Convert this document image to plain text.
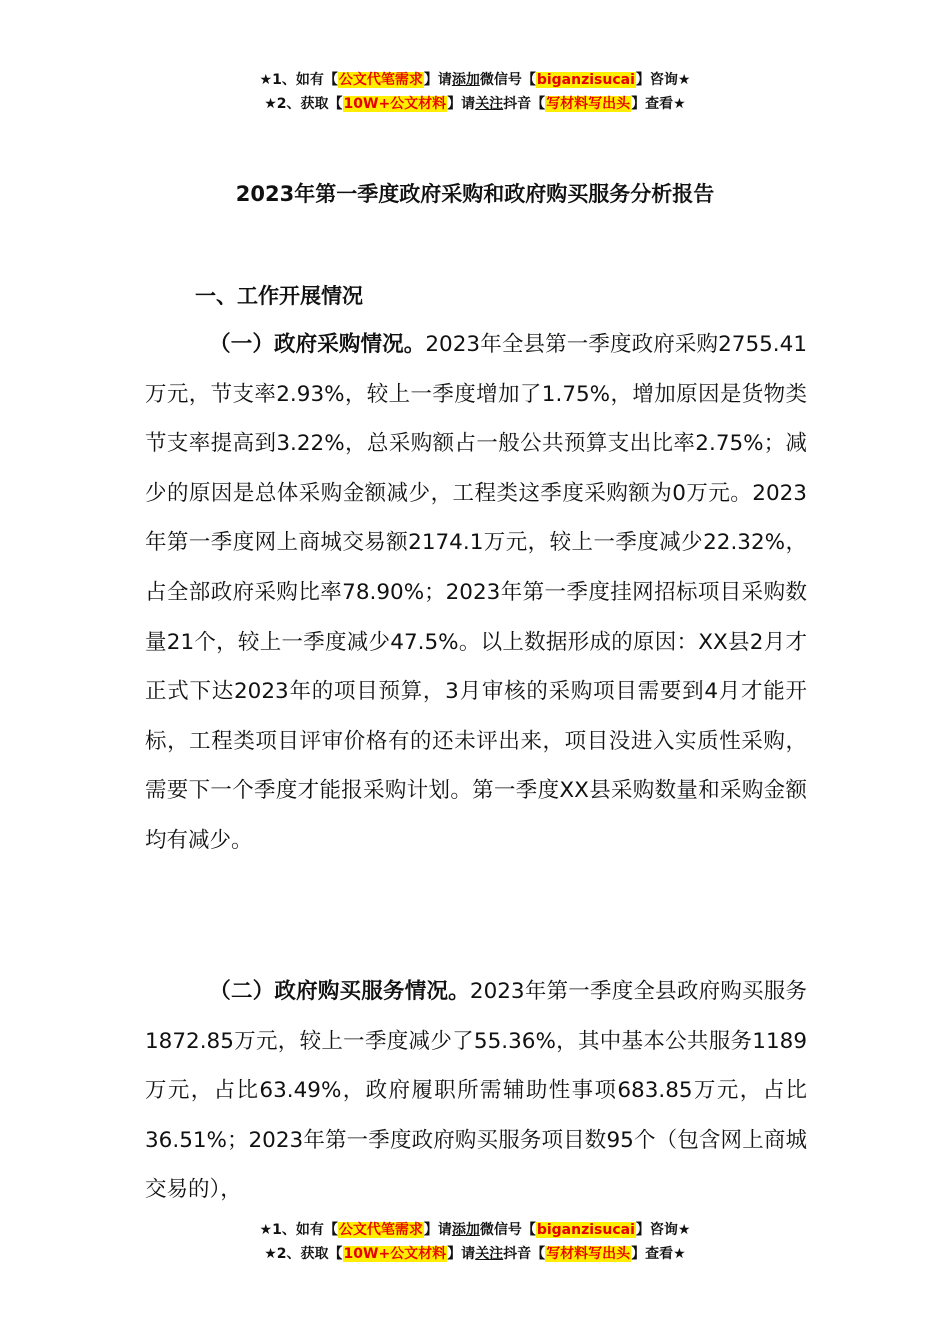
★1、如有【公文代笔需求】请添加微信号【biganzisucai】咨询★
★2、获取【10W+公文材料】请关注抖音【写材料写出头】查看★
2023年第一季度政府采购和政府购买服务分析报告
一、工作开展情况

（一）政府采购情况。2023年全县第一季度政府采购2755.41万元，节支率2.93%，较上一季度增加了1.75%，增加原因是货物类节支率提高到3.22%，总采购额占一般公共预算支出比率2.75%；减少的原因是总体采购金额减少，工程类这季度采购额为0万元。2023年第一季度网上商城交易额2174.1万元，较上一季度减少22.32%，占全部政府采购比率78.90%；2023年第一季度挂网招标项目采购数量21个，较上一季度减少47.5%。以上数据形成的原因：XX县2月才正式下达2023年的项目预算，3月审核的采购项目需要到4月才能开标，工程类项目评审价格有的还未评出来，项目没进入实质性采购，需要下一个季度才能报采购计划。第一季度XX县采购数量和采购金额均有减少。

（二）政府购买服务情况。2023年第一季度全县政府购买服务1872.85万元，较上一季度减少了55.36%，其中基本公共服务1189万元，占比63.49%，政府履职所需辅助性事项683.85万元，占比36.51%；2023年第一季度政府购买服务项目数95个（包含网上商城交易的），

★1、如有【公文代笔需求】请添加微信号【biganzisucai】咨询★
★2、获取【10W+公文材料】请关注抖音【写材料写出头】查看★
